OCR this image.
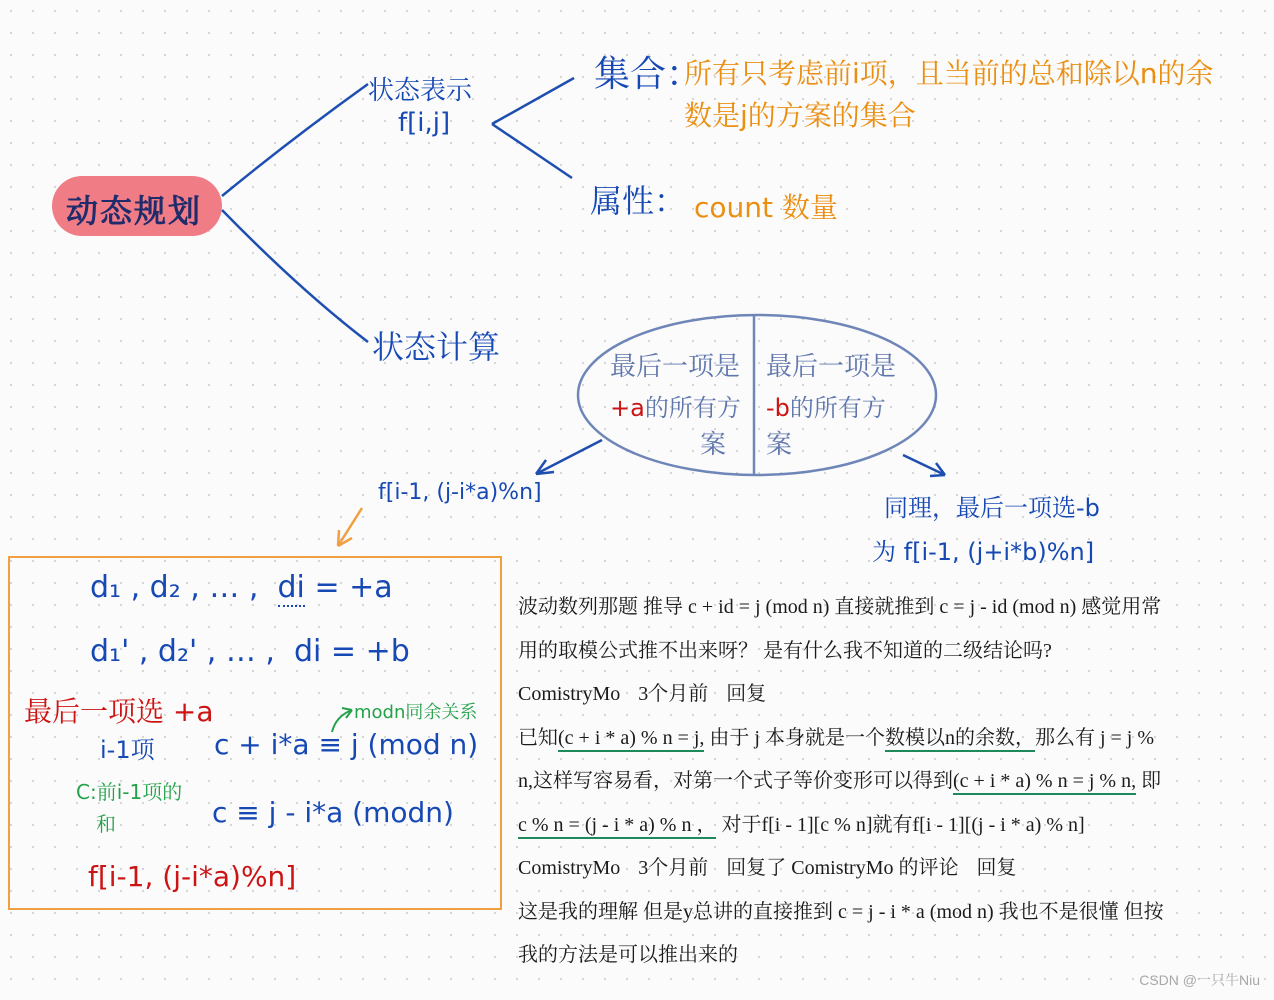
动态规划
状态表示
f[i,j]
集合：
所有只考虑前i项，且当前的总和除以n的余
数是j的方案的集合
属性： count 数量
状态计算
最后一项是
+a的所有方
案
最后一项是
-b的所有方
案
f[i-1, (j-i*a)%n]
同理，最后一项选-b
为 f[i-1, (j+i*b)%n]
d₁ , d₂ , … , di = +a
d₁' , d₂' , … , di = +b
最后一项选 +a	modn同余关系
i-1项 c + i*a ≡ j (mod n)
C:前i-1项的
和	c ≡ j - i*a (modn)
f[i-1, (j-i*a)%n]

波动数列那题 推导 c + id = j (mod n) 直接就推到 c = j - id (mod n) 感觉用常

用的取模公式推不出来呀？ 是有什么我不知道的二级结论吗?

ComistryMo 3个月前 回复

已知(c + i * a) % n = j, 由于 j 本身就是一个数模以n的余数，那么有 j = j %

n,这样写容易看，对第一个式子等价变形可以得到(c + i * a) % n = j % n, 即

c % n = (j - i * a) % n ， 对于f[i - 1][c % n]就有f[i - 1][(j - i * a) % n]

ComistryMo 3个月前 回复了 ComistryMo 的评论 回复

这是我的理解 但是y总讲的直接推到 c = j - i * a (mod n) 我也不是很懂 但按

我的方法是可以推出来的

CSDN @一只牛Niu
